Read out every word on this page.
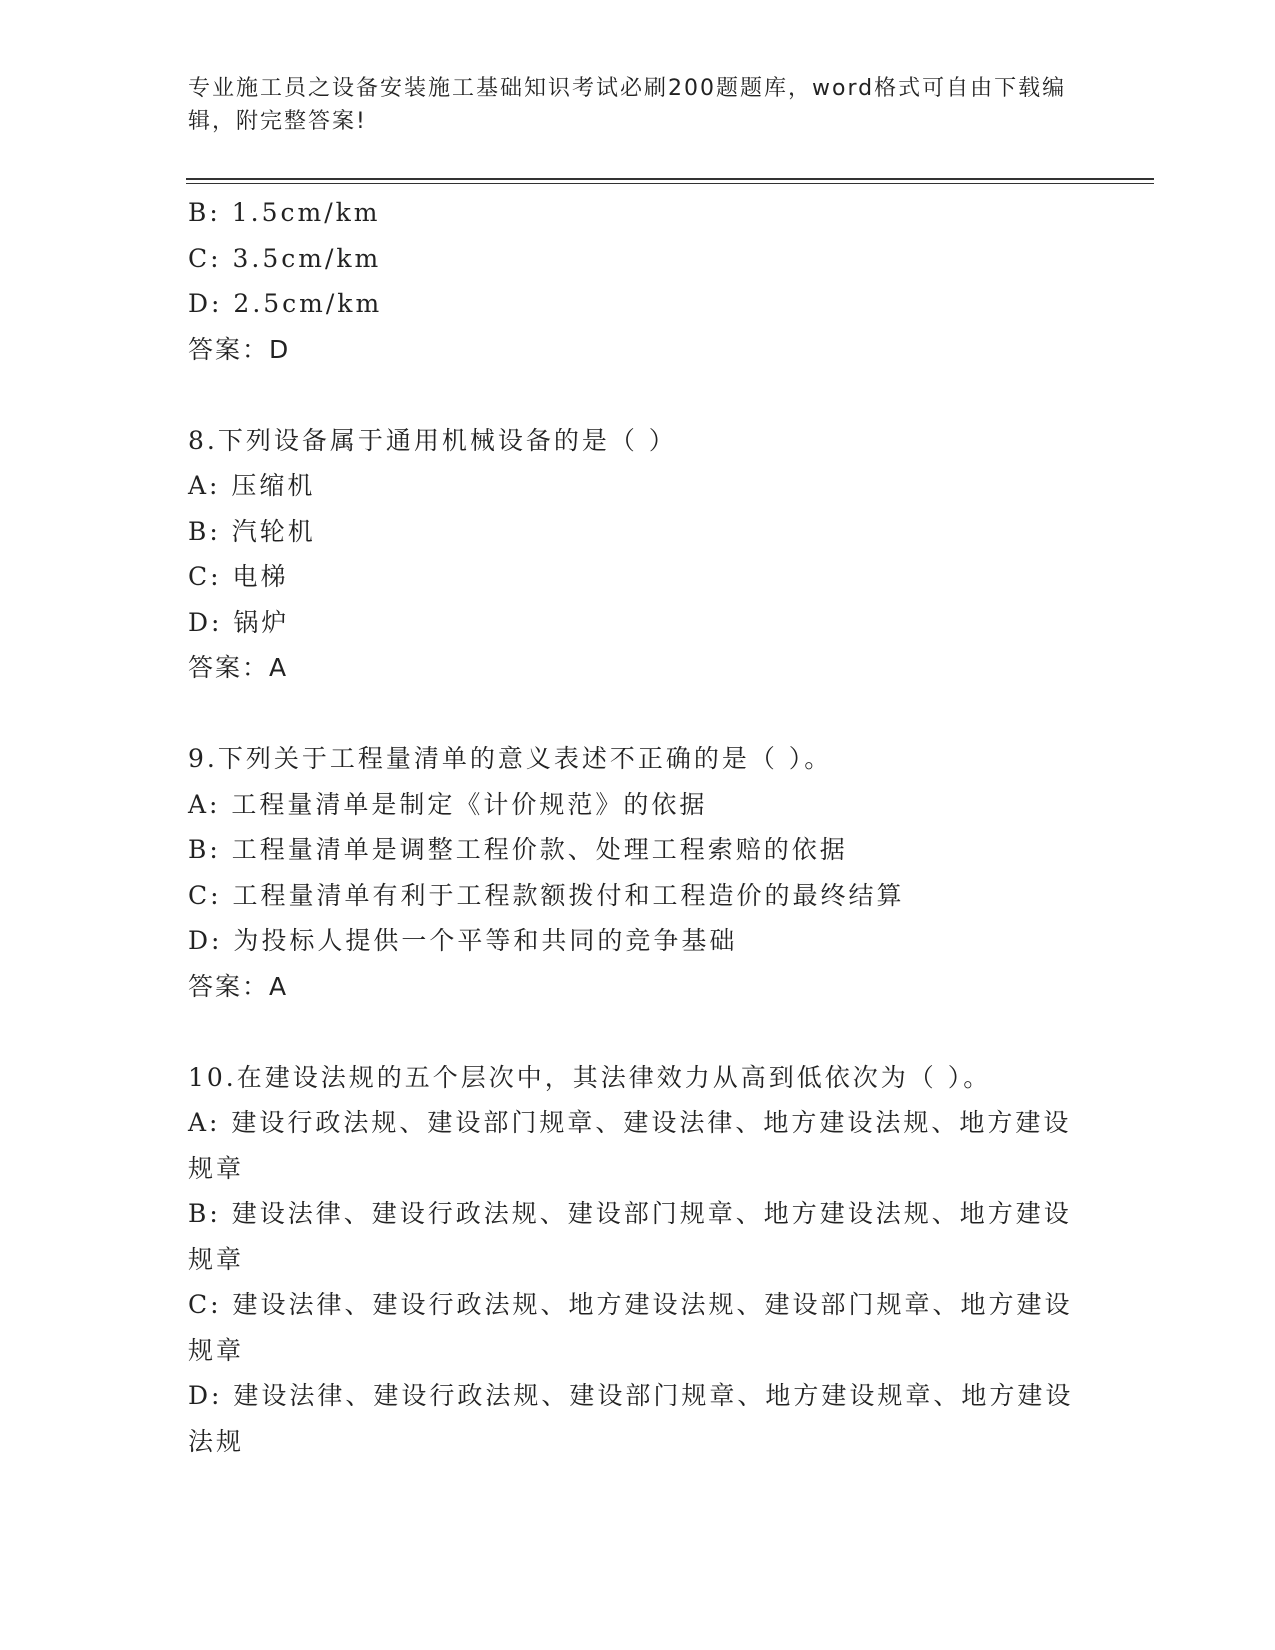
专业施工员之设备安装施工基础知识考试必刷200题题库，word格式可自由下载编辑，附完整答案!
B: 1.5cm/km
C: 3.5cm/km
D: 2.5cm/km
答案：D
8.下列设备属于通用机械设备的是（ ）
A: 压缩机
B: 汽轮机
C: 电梯
D: 锅炉
答案：A
9.下列关于工程量清单的意义表述不正确的是（ ）。
A: 工程量清单是制定《计价规范》的依据
B: 工程量清单是调整工程价款、处理工程索赔的依据
C: 工程量清单有利于工程款额拨付和工程造价的最终结算
D: 为投标人提供一个平等和共同的竞争基础
答案：A
10.在建设法规的五个层次中，其法律效力从高到低依次为（ ）。
A: 建设行政法规、建设部门规章、建设法律、地方建设法规、地方建设规章
B: 建设法律、建设行政法规、建设部门规章、地方建设法规、地方建设规章
C: 建设法律、建设行政法规、地方建设法规、建设部门规章、地方建设规章
D: 建设法律、建设行政法规、建设部门规章、地方建设规章、地方建设法规
